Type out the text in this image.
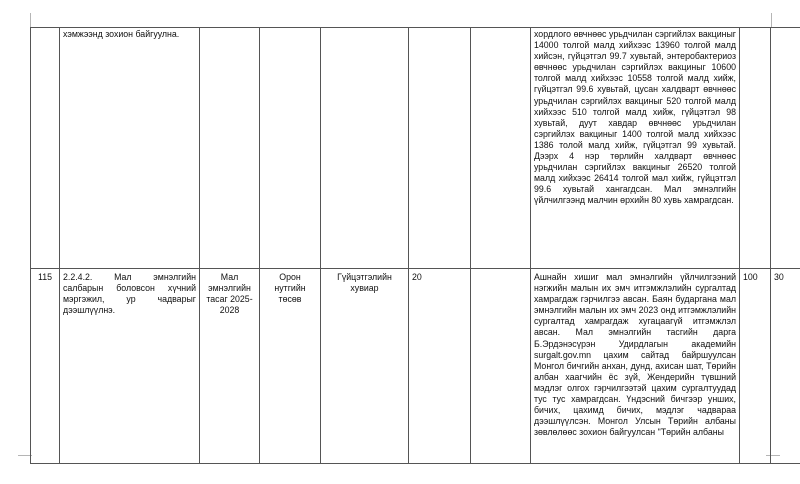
	хэмжээнд зохион байгуулна.						хордлого өвчнөөс урьдчилан сэргийлэх вакциныг 14000 толгой малд хийхээс 13960 толгой малд хийсэн, гүйцэтгэл 99.7 хувьтай, энтеробактериоз өвчнөөс урьдчилан сэргийлэх вакциныг 10600 толгой малд хийхээс 10558 толгой малд хийж, гүйцэтгэл 99.6 хувьтай, цусан халдварт өвчнөөс урьдчилан сэргийлэх вакциныг 520 толгой малд хийхээс 510 толгой малд хийж, гүйцэтгэл 98 хувьтай, дуут хавдар өвчнөөс урьдчилан сэргийлэх вакциныг 1400 толгой малд хийхээс 1386 толой малд хийж, гүйцэтгэл 99 хувьтай. Дээрх 4 нэр төрлийн халдварт өвчнөөс урьдчилан сэргийлэх вакциныг 26520 толгой малд хийхээс 26414 толгой мал хийж, гүйцэтгэл 99.6 хувьтай хангагдсан. Мал эмнэлгийн үйлчилгээнд малчин өрхийн 80 хувь хамрагдсан.			
115	2.2.4.2. Мал эмнэлгийн салбарын боловсон хүчний мэргэжил, ур чадварыг дээшлүүлнэ.	Мал эмнэлгийн тасаг 2025-2028	Орон нутгийн төсөв	Гүйцэтгэлийн хувиар	20		Ашнайн хишиг мал эмнэлгийн үйлчилгээний нэгжийн малын их эмч итгэмжлэлийн сургалтад хамрагдаж гэрчилгээ авсан. Баян бударгана мал эмнэлгийн малын их эмч 2023 онд итгэмжлэлийн сургалтад хамрагдаж хугацаагүй итгэмжлэл авсан. Мал эмнэлгийн тасгийн дарга Б.Эрдэнэсүрэн Удирдлагын академийн surgalt.gov.mn цахим сайтад байршуулсан Монгол бичгийн анхан, дунд, ахисан шат, Төрийн албан хаагчийн ёс зүй, Жендерийн түвшний мэдлэг олгох гэрчилгээтэй цахим сургалтуудад тус тус хамрагдсан. Үндэсний бичгээр унших, бичих, цахимд бичих, мэдлэг чадвараа дээшлүүлсэн. Монгол Улсын Төрийн албаны зөвлөлөөс зохион байгуулсан "Төрийн албаны	100	30	
